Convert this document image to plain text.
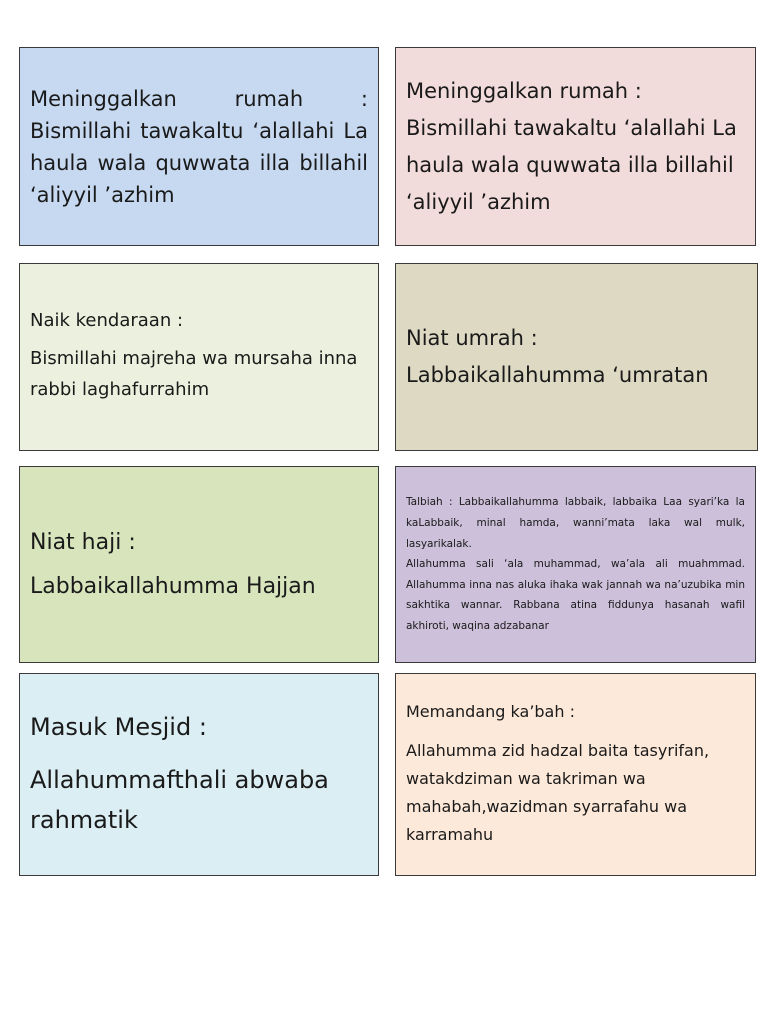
Meninggalkan rumah :

Bismillahi tawakaltu ‘alallahi La haula wala quwwata illa billahil ‘aliyyil ’azhim

Meninggalkan rumah :

Bismillahi tawakaltu ‘alallahi La haula wala quwwata illa billahil ‘aliyyil ’azhim

Naik kendaraan :

Bismillahi majreha wa mursaha inna rabbi laghafurrahim

Niat umrah :

Labbaikallahumma ‘umratan

Niat haji :

Labbaikallahumma Hajjan

Talbiah : Labbaikallahumma labbaik, labbaika Laa syari’ka la kaLabbaik, minal hamda, wanni’mata laka wal mulk, lasyarikalak.

Allahumma sali ‘ala muhammad, wa’ala ali muahmmad. Allahumma inna nas aluka ihaka wak jannah wa na’uzubika min sakhtika wannar. Rabbana atina fiddunya hasanah wafil akhiroti, waqina adzabanar

Masuk Mesjid :

Allahummafthali abwaba rahmatik

Memandang ka’bah :

Allahumma zid hadzal baita tasyrifan, watakdziman wa takriman wa mahabah,wazidman syarrafahu wa karramahu
